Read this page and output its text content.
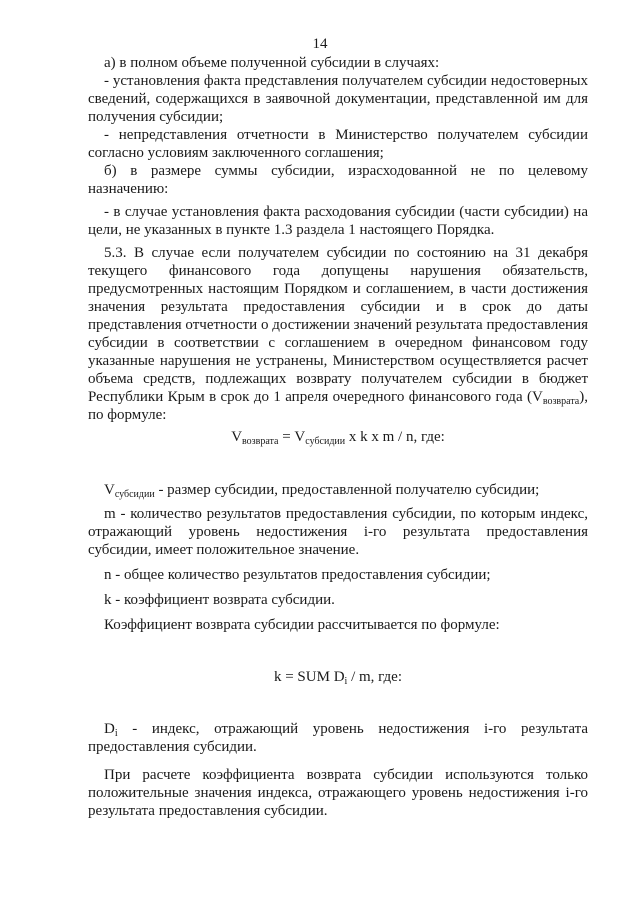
14

а) в полном объеме полученной субсидии в случаях:

- установления факта представления получателем субсидии недостоверных сведений, содержащихся в заявочной документации, представленной им для получения субсидии;

- непредставления отчетности в Министерство получателем субсидии согласно условиям заключенного соглашения;

б) в размере суммы субсидии, израсходованной не по целевому назначению:

- в случае установления факта расходования субсидии (части субсидии) на цели, не указанных в пункте 1.3 раздела 1 настоящего Порядка.

5.3. В случае если получателем субсидии по состоянию на 31 декабря текущего финансового года допущены нарушения обязательств, предусмотренных настоящим Порядком и соглашением, в части достижения значения результата предоставления субсидии и в срок до даты представления отчетности о достижении значений результата предоставления субсидии в соответствии с соглашением в очередном финансовом году указанные нарушения не устранены, Министерством осуществляется расчет объема средств, подлежащих возврату получателем субсидии в бюджет Республики Крым в срок до 1 апреля очередного финансового года $(V_{возврата})$, по формуле:

$V_{возврата} = V_{субсидии}$ x k x m / n, где:

$V_{субсидии}$ - размер субсидии, предоставленной получателю субсидии;

m - количество результатов предоставления субсидии, по которым индекс, отражающий уровень недостижения i-го результата предоставления субсидии, имеет положительное значение.

n - общее количество результатов предоставления субсидии;

k - коэффициент возврата субсидии.

Коэффициент возврата субсидии рассчитывается по формуле:

k = SUM $D_i$ / m, где:

$D_i$ - индекс, отражающий уровень недостижения i-го результата предоставления субсидии.

При расчете коэффициента возврата субсидии используются только положительные значения индекса, отражающего уровень недостижения i-го результата предоставления субсидии.
